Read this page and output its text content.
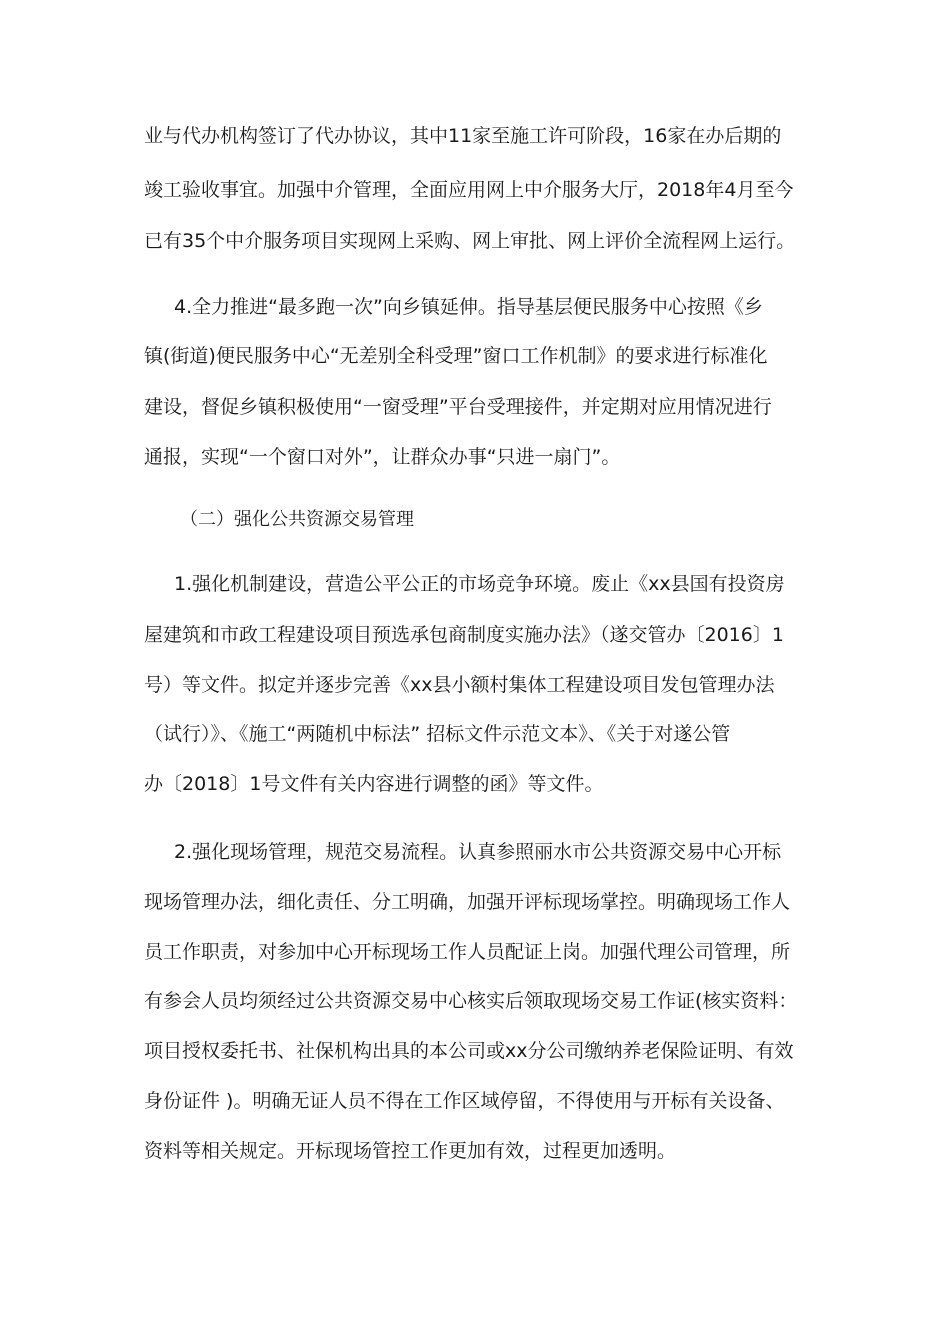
业与代办机构签订了代办协议，其中11家至施工许可阶段，16家在办后期的

竣工验收事宜。加强中介管理，全面应用网上中介服务大厅，2018年4月至今

已有35个中介服务项目实现网上采购、网上审批、网上评价全流程网上运行。

4.全力推进“最多跑一次”向乡镇延伸。指导基层便民服务中心按照《乡

镇(街道)便民服务中心“无差别全科受理”窗口工作机制》的要求进行标准化

建设，督促乡镇积极使用“一窗受理”平台受理接件，并定期对应用情况进行

通报，实现“一个窗口对外”，让群众办事“只进一扇门”。

（二）强化公共资源交易管理

1.强化机制建设，营造公平公正的市场竞争环境。废止《xx县国有投资房

屋建筑和市政工程建设项目预选承包商制度实施办法》（遂交管办〔2016〕1

号）等文件。拟定并逐步完善《xx县小额村集体工程建设项目发包管理办法

（试行）》、《施工“两随机中标法” 招标文件示范文本》、《关于对遂公管

办〔2018〕1号文件有关内容进行调整的函》等文件。

2.强化现场管理，规范交易流程。认真参照丽水市公共资源交易中心开标

现场管理办法，细化责任、分工明确，加强开评标现场掌控。明确现场工作人

员工作职责，对参加中心开标现场工作人员配证上岗。加强代理公司管理，所

有参会人员均须经过公共资源交易中心核实后领取现场交易工作证(核实资料：

项目授权委托书、社保机构出具的本公司或xx分公司缴纳养老保险证明、有效

身份证件 )。明确无证人员不得在工作区域停留，不得使用与开标有关设备、

资料等相关规定。开标现场管控工作更加有效，过程更加透明。
